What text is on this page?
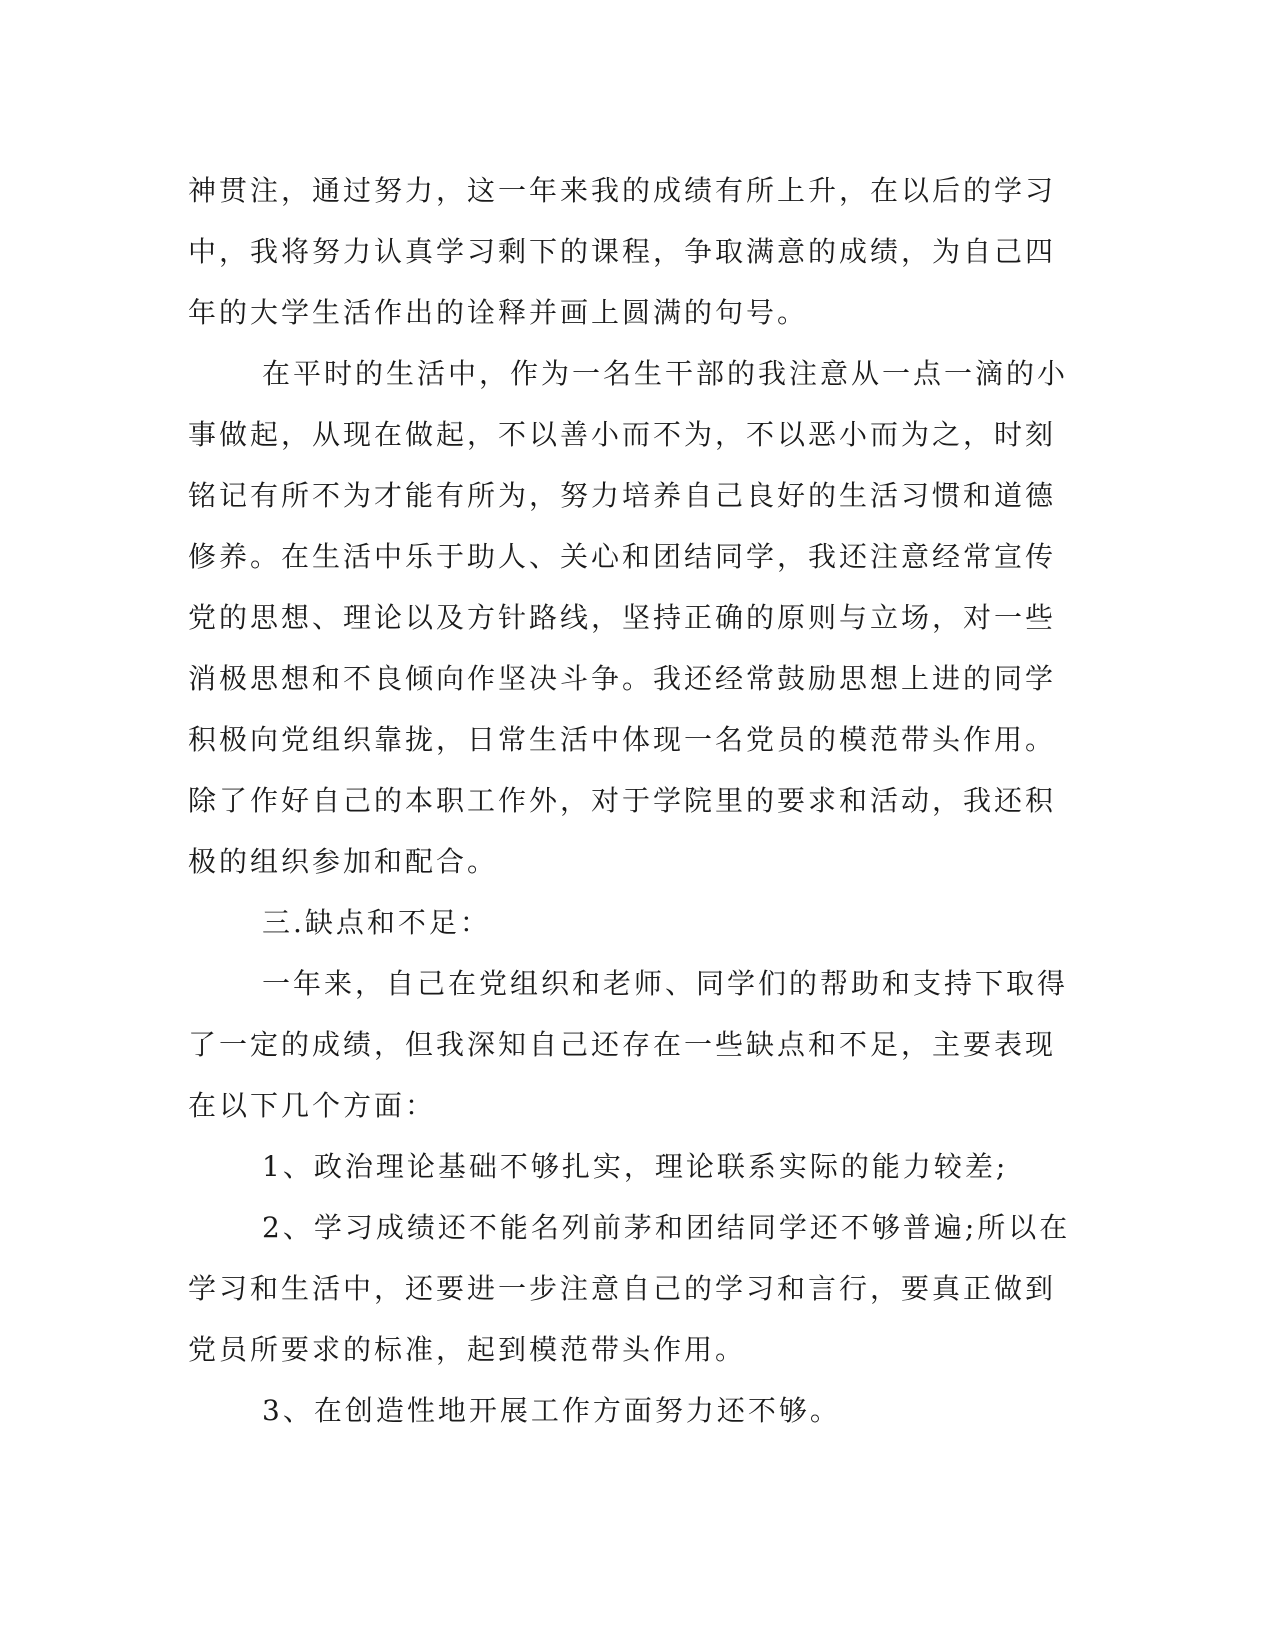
神贯注，通过努力，这一年来我的成绩有所上升，在以后的学习中，我将努力认真学习剩下的课程，争取满意的成绩，为自己四年的大学生活作出的诠释并画上圆满的句号。

在平时的生活中，作为一名生干部的我注意从一点一滴的小事做起，从现在做起，不以善小而不为，不以恶小而为之，时刻铭记有所不为才能有所为，努力培养自己良好的生活习惯和道德修养。在生活中乐于助人、关心和团结同学，我还注意经常宣传党的思想、理论以及方针路线，坚持正确的原则与立场，对一些消极思想和不良倾向作坚决斗争。我还经常鼓励思想上进的同学积极向党组织靠拢，日常生活中体现一名党员的模范带头作用。除了作好自己的本职工作外，对于学院里的要求和活动，我还积极的组织参加和配合。

三.缺点和不足：

一年来，自己在党组织和老师、同学们的帮助和支持下取得了一定的成绩，但我深知自己还存在一些缺点和不足，主要表现在以下几个方面：

1、政治理论基础不够扎实，理论联系实际的能力较差;

2、学习成绩还不能名列前茅和团结同学还不够普遍;所以在学习和生活中，还要进一步注意自己的学习和言行，要真正做到党员所要求的标准，起到模范带头作用。

3、在创造性地开展工作方面努力还不够。
